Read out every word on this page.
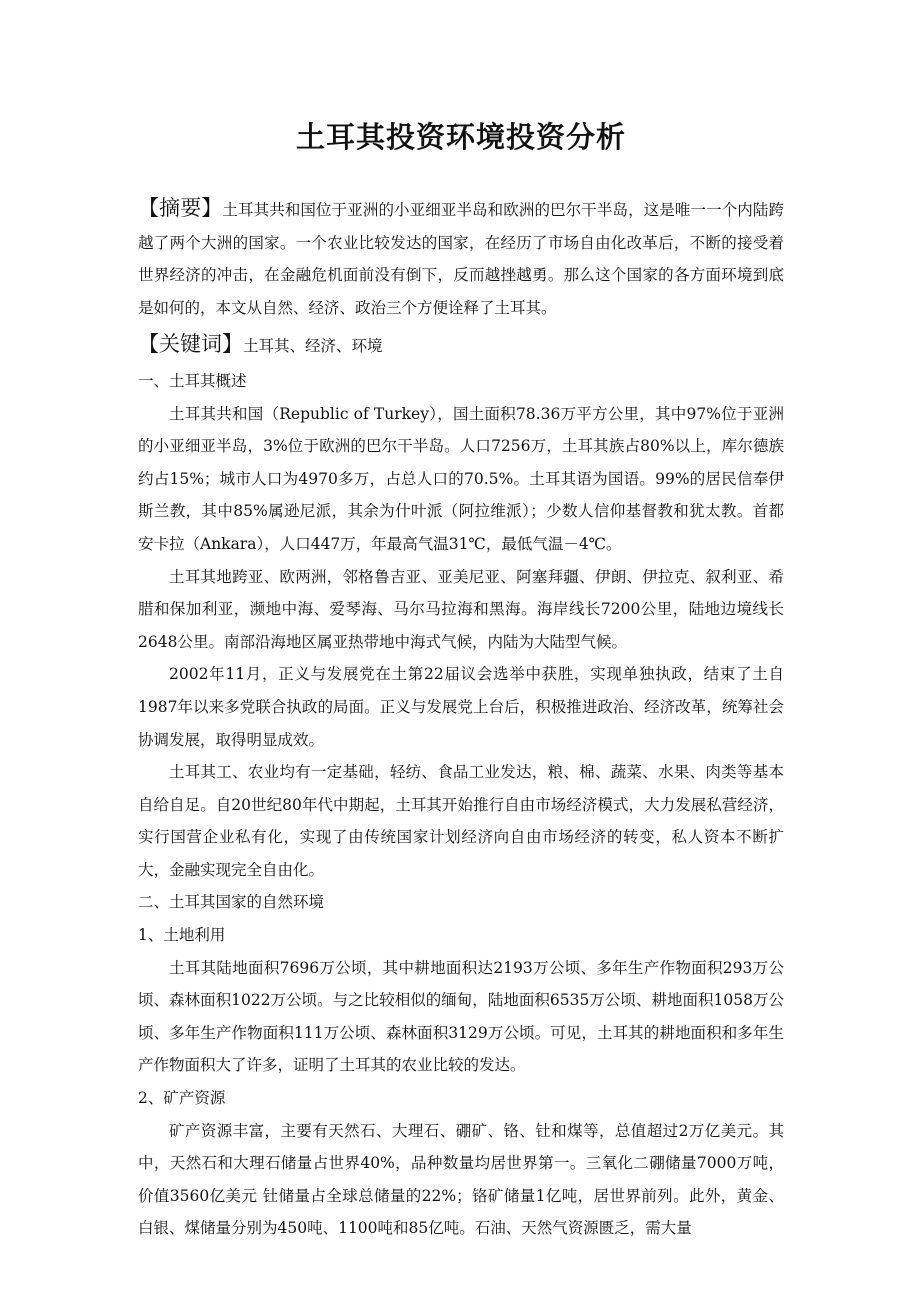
土耳其投资环境投资分析

【摘要】土耳其共和国位于亚洲的小亚细亚半岛和欧洲的巴尔干半岛，这是唯一一个内陆跨越了两个大洲的国家。一个农业比较发达的国家，在经历了市场自由化改革后，不断的接受着世界经济的冲击，在金融危机面前没有倒下，反而越挫越勇。那么这个国家的各方面环境到底是如何的，本文从自然、经济、政治三个方便诠释了土耳其。

【关键词】土耳其、经济、环境

一、土耳其概述

土耳其共和国（Republic of Turkey），国土面积78.36万平方公里，其中97%位于亚洲的小亚细亚半岛，3%位于欧洲的巴尔干半岛。人口7256万，土耳其族占80%以上，库尔德族约占15%；城市人口为4970多万，占总人口的70.5%。土耳其语为国语。99%的居民信奉伊斯兰教，其中85%属逊尼派，其余为什叶派（阿拉维派）；少数人信仰基督教和犹太教。首都安卡拉（Ankara），人口447万，年最高气温31℃，最低气温－4℃。

土耳其地跨亚、欧两洲，邻格鲁吉亚、亚美尼亚、阿塞拜疆、伊朗、伊拉克、叙利亚、希腊和保加利亚，濒地中海、爱琴海、马尔马拉海和黑海。海岸线长7200公里，陆地边境线长2648公里。南部沿海地区属亚热带地中海式气候，内陆为大陆型气候。

2002年11月，正义与发展党在土第22届议会选举中获胜，实现单独执政，结束了土自1987年以来多党联合执政的局面。正义与发展党上台后，积极推进政治、经济改革，统筹社会协调发展，取得明显成效。

土耳其工、农业均有一定基础，轻纺、食品工业发达，粮、棉、蔬菜、水果、肉类等基本自给自足。自20世纪80年代中期起，土耳其开始推行自由市场经济模式，大力发展私营经济，实行国营企业私有化，实现了由传统国家计划经济向自由市场经济的转变，私人资本不断扩大，金融实现完全自由化。

二、土耳其国家的自然环境

1、土地利用

土耳其陆地面积7696万公顷，其中耕地面积达2193万公顷、多年生产作物面积293万公顷、森林面积1022万公顷。与之比较相似的缅甸，陆地面积6535万公顷、耕地面积1058万公顷、多年生产作物面积111万公顷、森林面积3129万公顷。可见，土耳其的耕地面积和多年生产作物面积大了许多，证明了土耳其的农业比较的发达。

2、矿产资源

矿产资源丰富，主要有天然石、大理石、硼矿、铬、钍和煤等，总值超过2万亿美元。其中，天然石和大理石储量占世界40%，品种数量均居世界第一。三氧化二硼储量7000万吨，价值3560亿美元 钍储量占全球总储量的22%；铬矿储量1亿吨，居世界前列。此外，黄金、白银、煤储量分别为450吨、1100吨和85亿吨。石油、天然气资源匮乏，需大量
